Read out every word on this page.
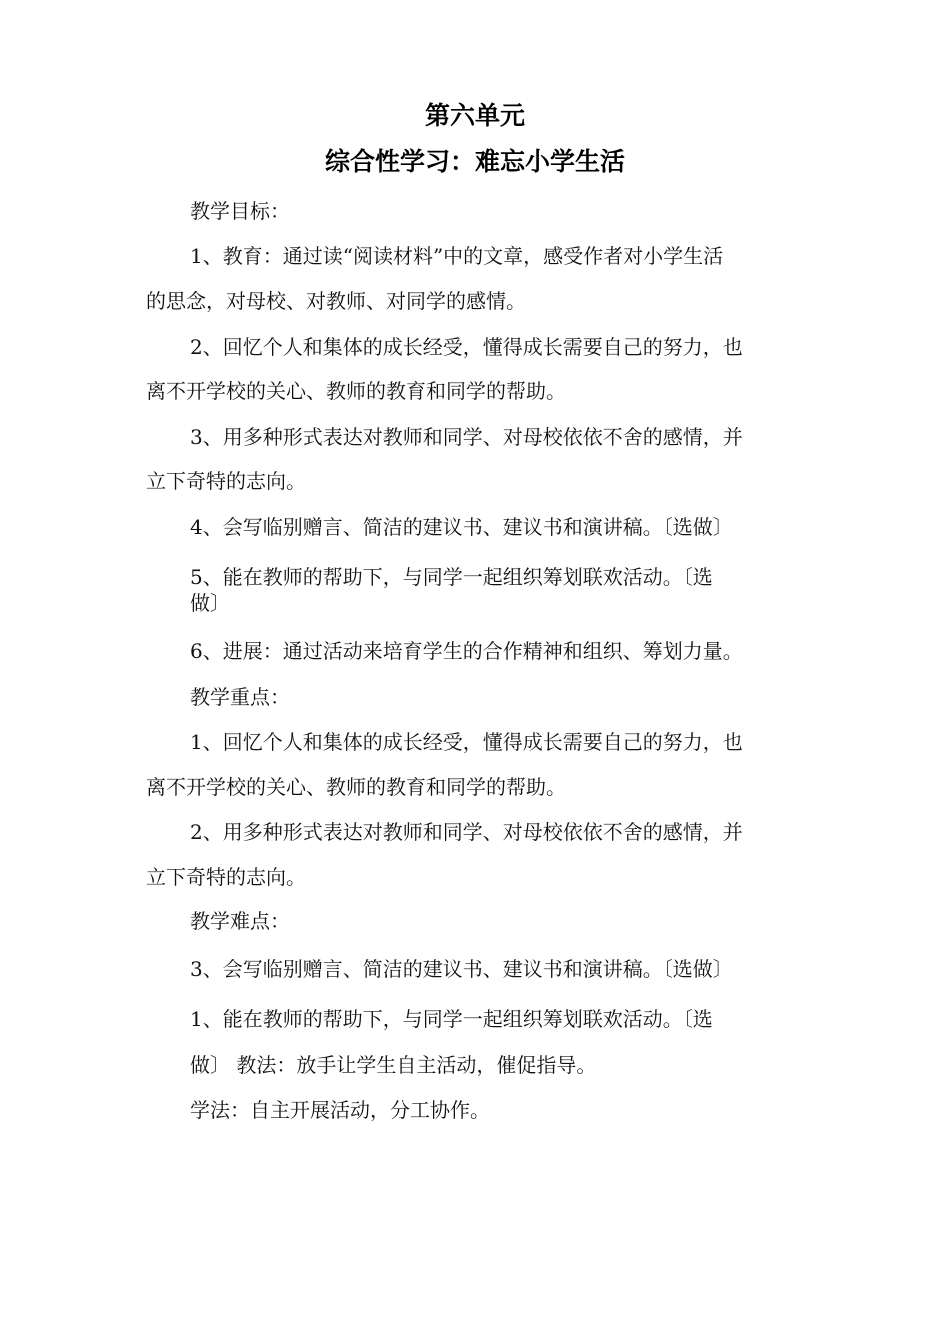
第六单元
综合性学习：难忘小学生活

教学目标：

1、教育：通过读“阅读材料”中的文章，感受作者对小学生活

的思念，对母校、对教师、对同学的感情。

2、回忆个人和集体的成长经受，懂得成长需要自己的努力，也

离不开学校的关心、教师的教育和同学的帮助。

3、用多种形式表达对教师和同学、对母校依依不舍的感情，并

立下奇特的志向。

4、会写临别赠言、简洁的建议书、建议书和演讲稿。〔选做〕

5、能在教师的帮助下，与同学一起组织筹划联欢活动。〔选

做〕

6、进展：通过活动来培育学生的合作精神和组织、筹划力量。

教学重点：

1、回忆个人和集体的成长经受，懂得成长需要自己的努力，也

离不开学校的关心、教师的教育和同学的帮助。

2、用多种形式表达对教师和同学、对母校依依不舍的感情，并

立下奇特的志向。

教学难点：

3、会写临别赠言、简洁的建议书、建议书和演讲稿。〔选做〕

1、能在教师的帮助下，与同学一起组织筹划联欢活动。〔选

做〕 教法：放手让学生自主活动，催促指导。

学法：自主开展活动，分工协作。
